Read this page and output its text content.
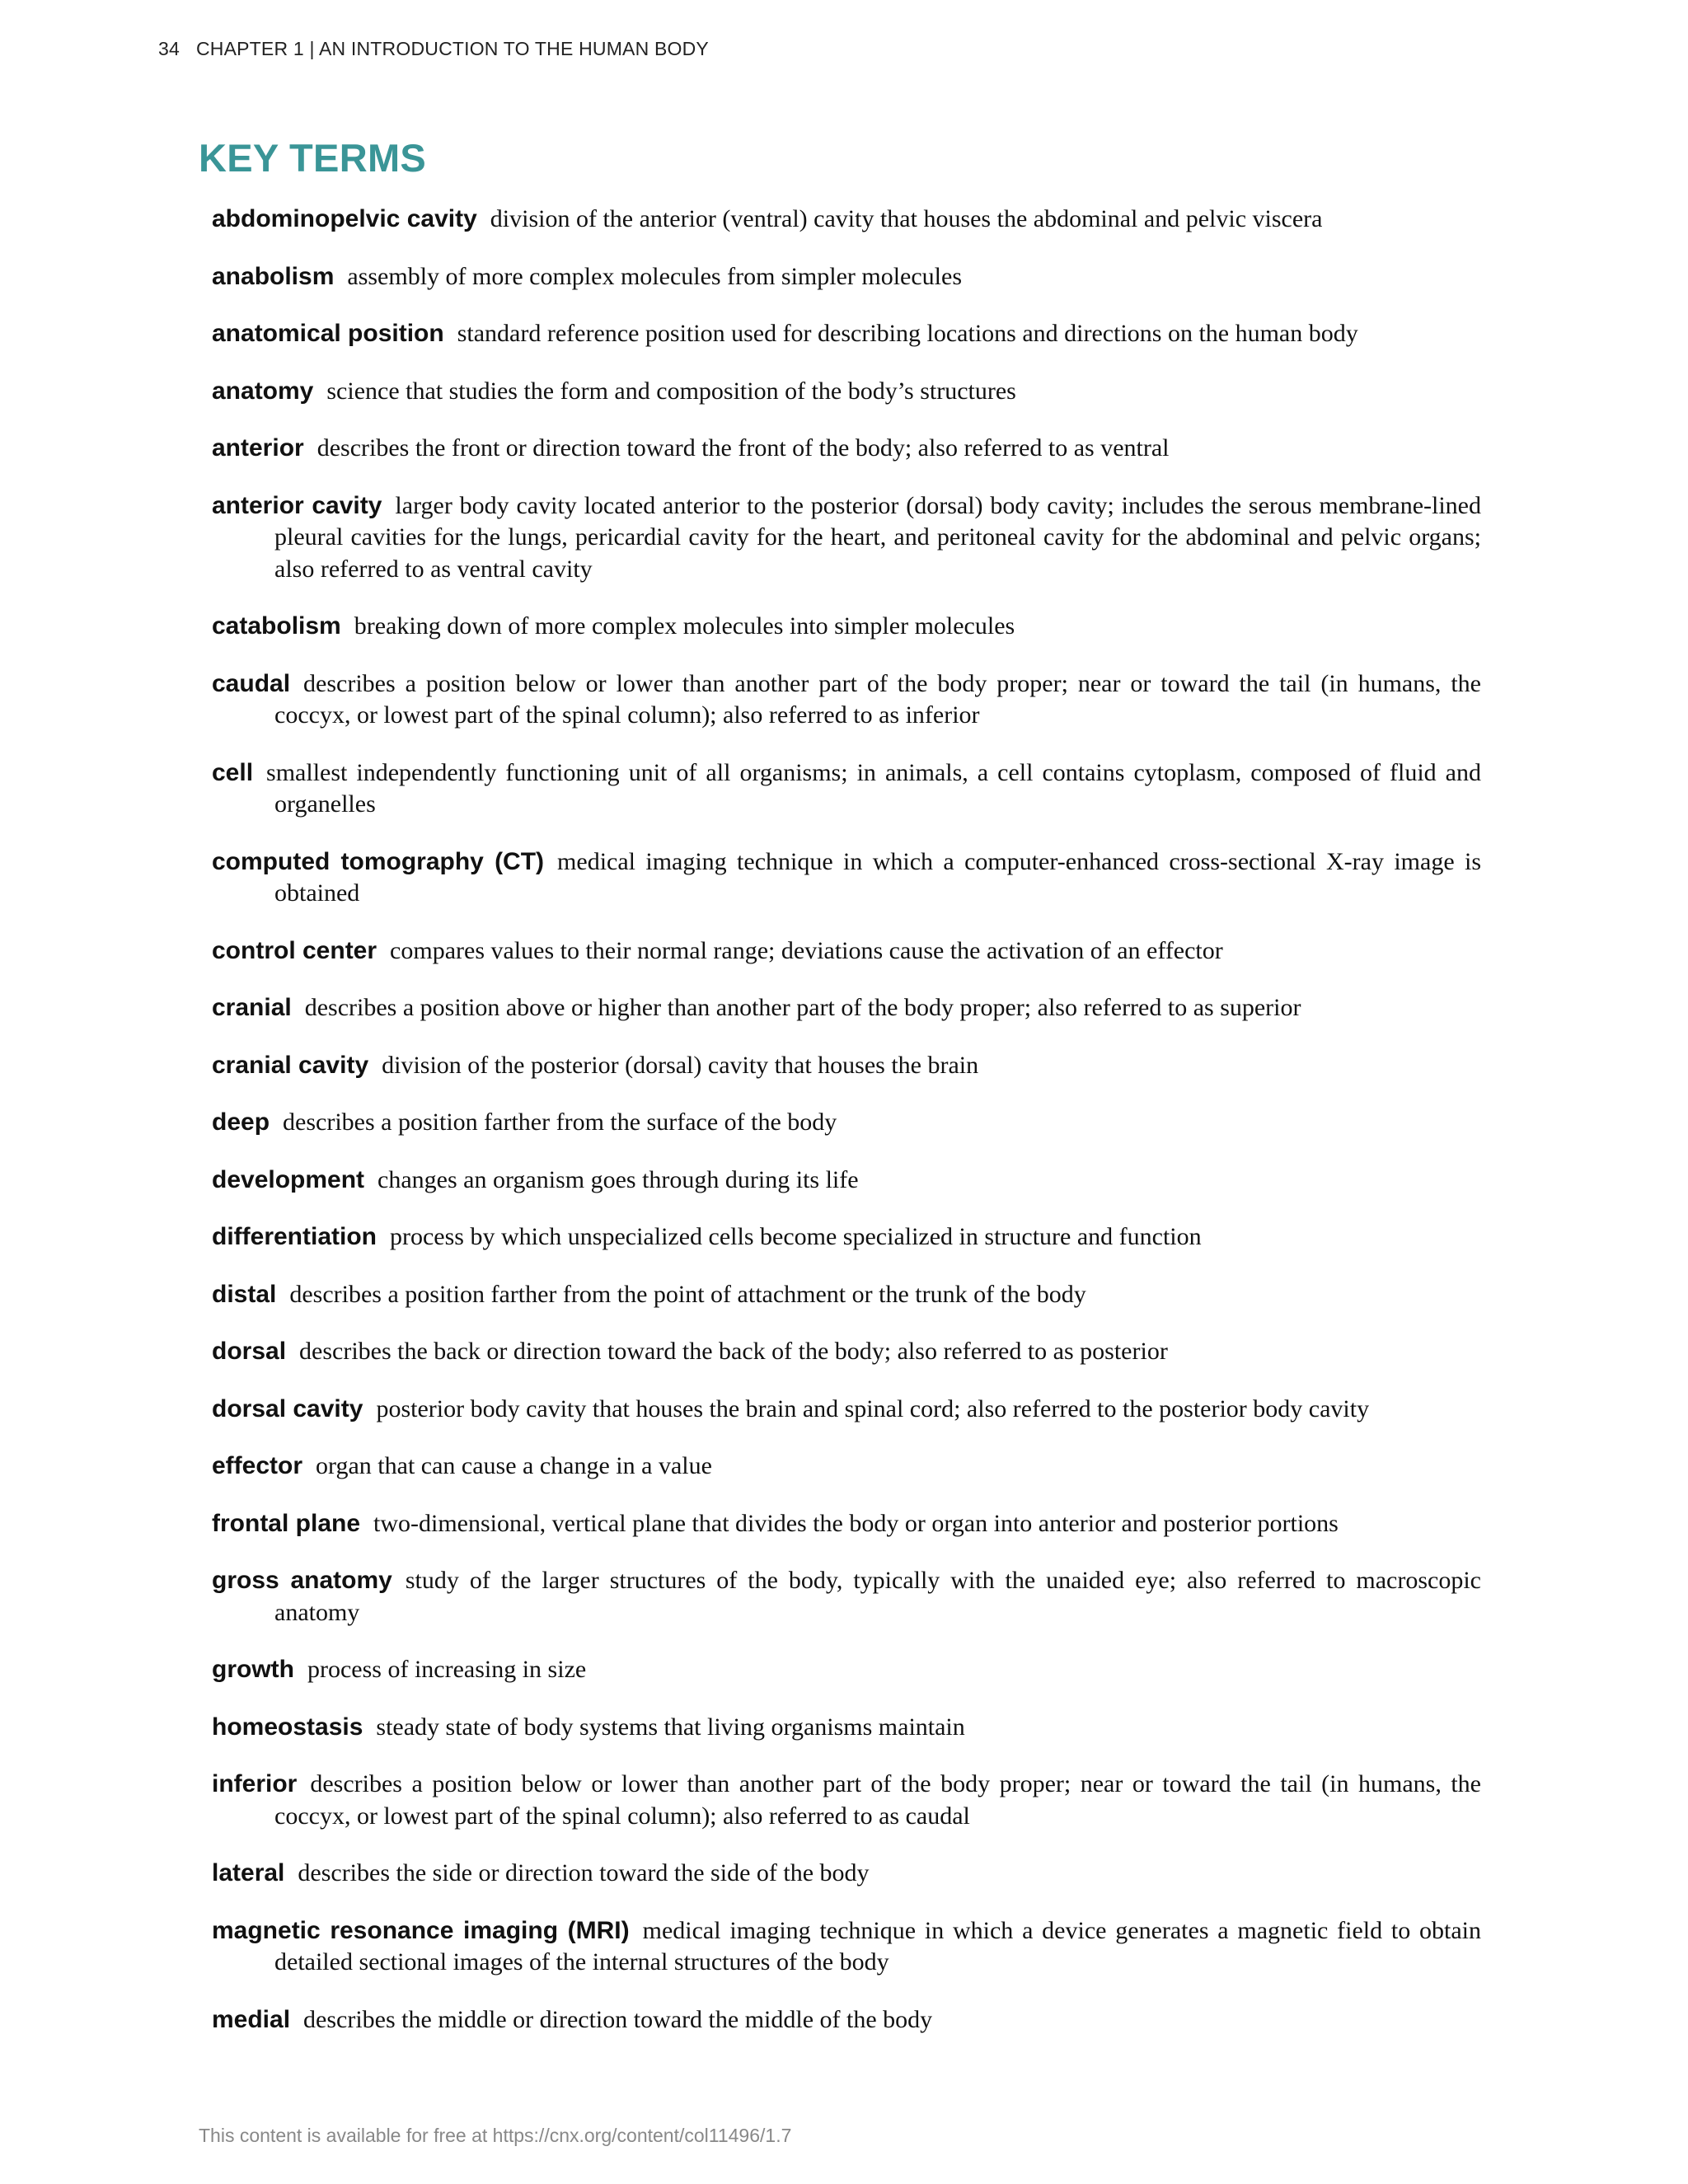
34 CHAPTER 1 | AN INTRODUCTION TO THE HUMAN BODY
KEY TERMS

abdominopelvic cavity division of the anterior (ventral) cavity that houses the abdominal and pelvic viscera

anabolism assembly of more complex molecules from simpler molecules

anatomical position standard reference position used for describing locations and directions on the human body

anatomy science that studies the form and composition of the body’s structures

anterior describes the front or direction toward the front of the body; also referred to as ventral

anterior cavity larger body cavity located anterior to the posterior (dorsal) body cavity; includes the serous membrane-lined pleural cavities for the lungs, pericardial cavity for the heart, and peritoneal cavity for the abdominal and pelvic organs; also referred to as ventral cavity

catabolism breaking down of more complex molecules into simpler molecules

caudal describes a position below or lower than another part of the body proper; near or toward the tail (in humans, the coccyx, or lowest part of the spinal column); also referred to as inferior

cell smallest independently functioning unit of all organisms; in animals, a cell contains cytoplasm, composed of fluid and organelles

computed tomography (CT) medical imaging technique in which a computer-enhanced cross-sectional X-ray image is obtained

control center compares values to their normal range; deviations cause the activation of an effector

cranial describes a position above or higher than another part of the body proper; also referred to as superior

cranial cavity division of the posterior (dorsal) cavity that houses the brain

deep describes a position farther from the surface of the body

development changes an organism goes through during its life

differentiation process by which unspecialized cells become specialized in structure and function

distal describes a position farther from the point of attachment or the trunk of the body

dorsal describes the back or direction toward the back of the body; also referred to as posterior

dorsal cavity posterior body cavity that houses the brain and spinal cord; also referred to the posterior body cavity

effector organ that can cause a change in a value

frontal plane two-dimensional, vertical plane that divides the body or organ into anterior and posterior portions

gross anatomy study of the larger structures of the body, typically with the unaided eye; also referred to macroscopic anatomy

growth process of increasing in size

homeostasis steady state of body systems that living organisms maintain

inferior describes a position below or lower than another part of the body proper; near or toward the tail (in humans, the coccyx, or lowest part of the spinal column); also referred to as caudal

lateral describes the side or direction toward the side of the body

magnetic resonance imaging (MRI) medical imaging technique in which a device generates a magnetic field to obtain detailed sectional images of the internal structures of the body

medial describes the middle or direction toward the middle of the body

This content is available for free at https://cnx.org/content/col11496/1.7
